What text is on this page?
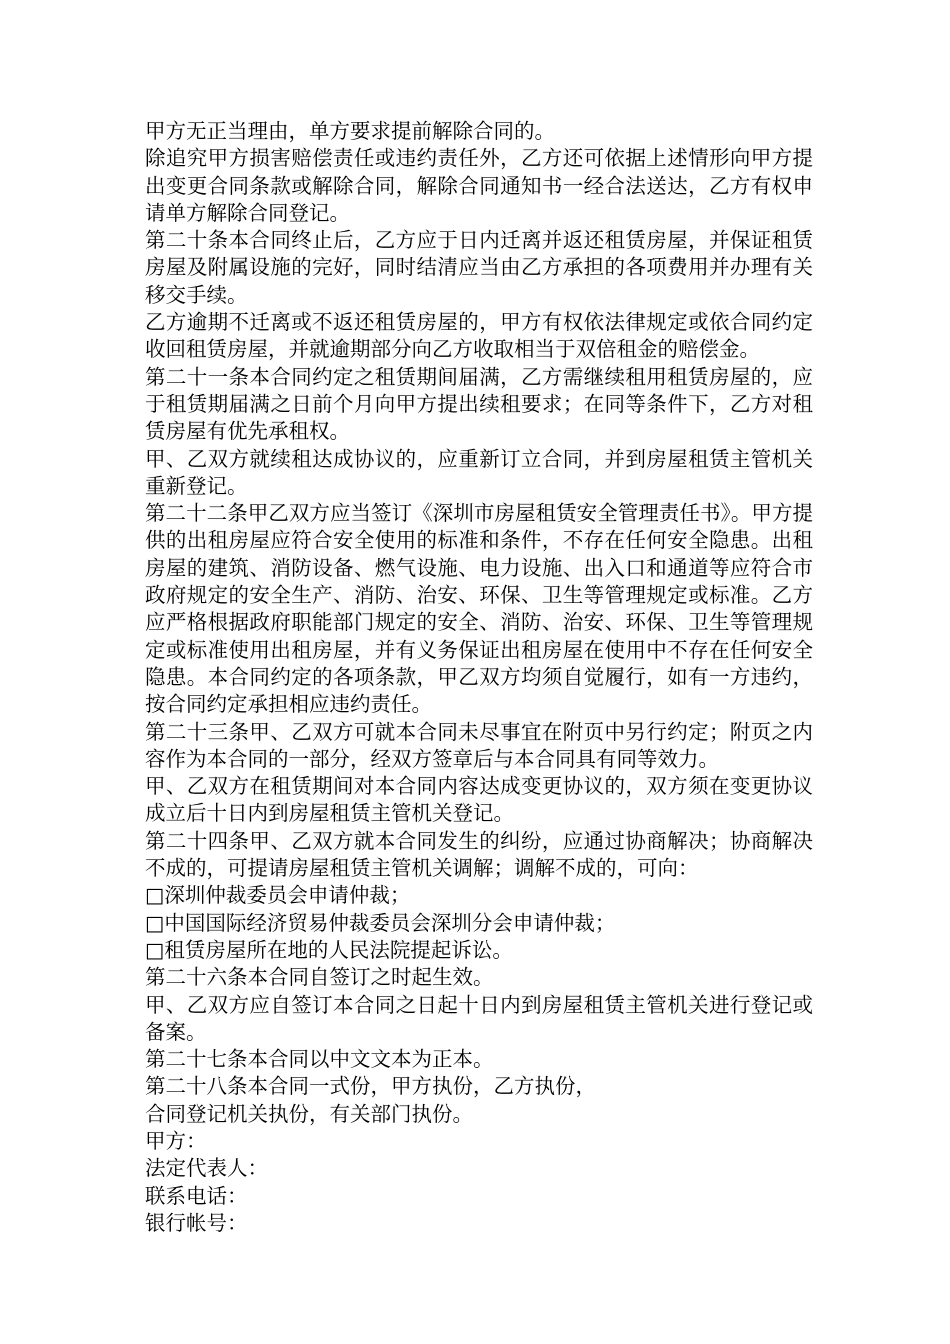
甲方无正当理由，单方要求提前解除合同的。

除追究甲方损害赔偿责任或违约责任外，乙方还可依据上述情形向甲方提出变更合同条款或解除合同，解除合同通知书一经合法送达，乙方有权申请单方解除合同登记。

第二十条本合同终止后，乙方应于日内迁离并返还租赁房屋，并保证租赁房屋及附属设施的完好，同时结清应当由乙方承担的各项费用并办理有关移交手续。

乙方逾期不迁离或不返还租赁房屋的，甲方有权依法律规定或依合同约定收回租赁房屋，并就逾期部分向乙方收取相当于双倍租金的赔偿金。

第二十一条本合同约定之租赁期间届满，乙方需继续租用租赁房屋的，应于租赁期届满之日前个月向甲方提出续租要求；在同等条件下，乙方对租赁房屋有优先承租权。

甲、乙双方就续租达成协议的，应重新订立合同，并到房屋租赁主管机关重新登记。

第二十二条甲乙双方应当签订《深圳市房屋租赁安全管理责任书》。甲方提供的出租房屋应符合安全使用的标准和条件，不存在任何安全隐患。出租房屋的建筑、消防设备、燃气设施、电力设施、出入口和通道等应符合市政府规定的安全生产、消防、治安、环保、卫生等管理规定或标准。乙方应严格根据政府职能部门规定的安全、消防、治安、环保、卫生等管理规定或标准使用出租房屋，并有义务保证出租房屋在使用中不存在任何安全隐患。本合同约定的各项条款，甲乙双方均须自觉履行，如有一方违约，按合同约定承担相应违约责任。

第二十三条甲、乙双方可就本合同未尽事宜在附页中另行约定；附页之内容作为本合同的一部分，经双方签章后与本合同具有同等效力。

甲、乙双方在租赁期间对本合同内容达成变更协议的，双方须在变更协议成立后十日内到房屋租赁主管机关登记。

第二十四条甲、乙双方就本合同发生的纠纷，应通过协商解决；协商解决不成的，可提请房屋租赁主管机关调解；调解不成的，可向：

□深圳仲裁委员会申请仲裁；

□中国国际经济贸易仲裁委员会深圳分会申请仲裁；

□租赁房屋所在地的人民法院提起诉讼。

第二十六条本合同自签订之时起生效。

甲、乙双方应自签订本合同之日起十日内到房屋租赁主管机关进行登记或备案。

第二十七条本合同以中文文本为正本。

第二十八条本合同一式份，甲方执份，乙方执份，

合同登记机关执份，有关部门执份。

甲方：

法定代表人：

联系电话：

银行帐号：
